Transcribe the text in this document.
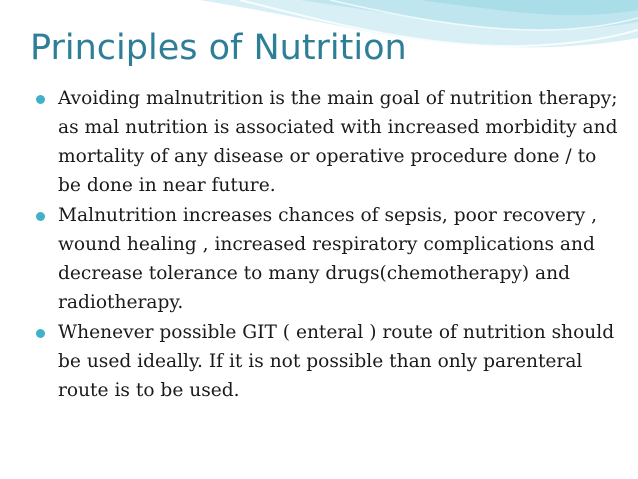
Principles of Nutrition
Avoiding malnutrition is the main goal of nutrition therapy; as mal nutrition is associated with increased morbidity and mortality of any disease or operative procedure done / to be done in near future.
Malnutrition increases chances of sepsis, poor recovery , wound healing , increased respiratory complications and decrease tolerance to many drugs(chemotherapy) and radiotherapy.
Whenever possible GIT ( enteral ) route of nutrition should be used ideally. If it is not possible than only parenteral route is to be used.
